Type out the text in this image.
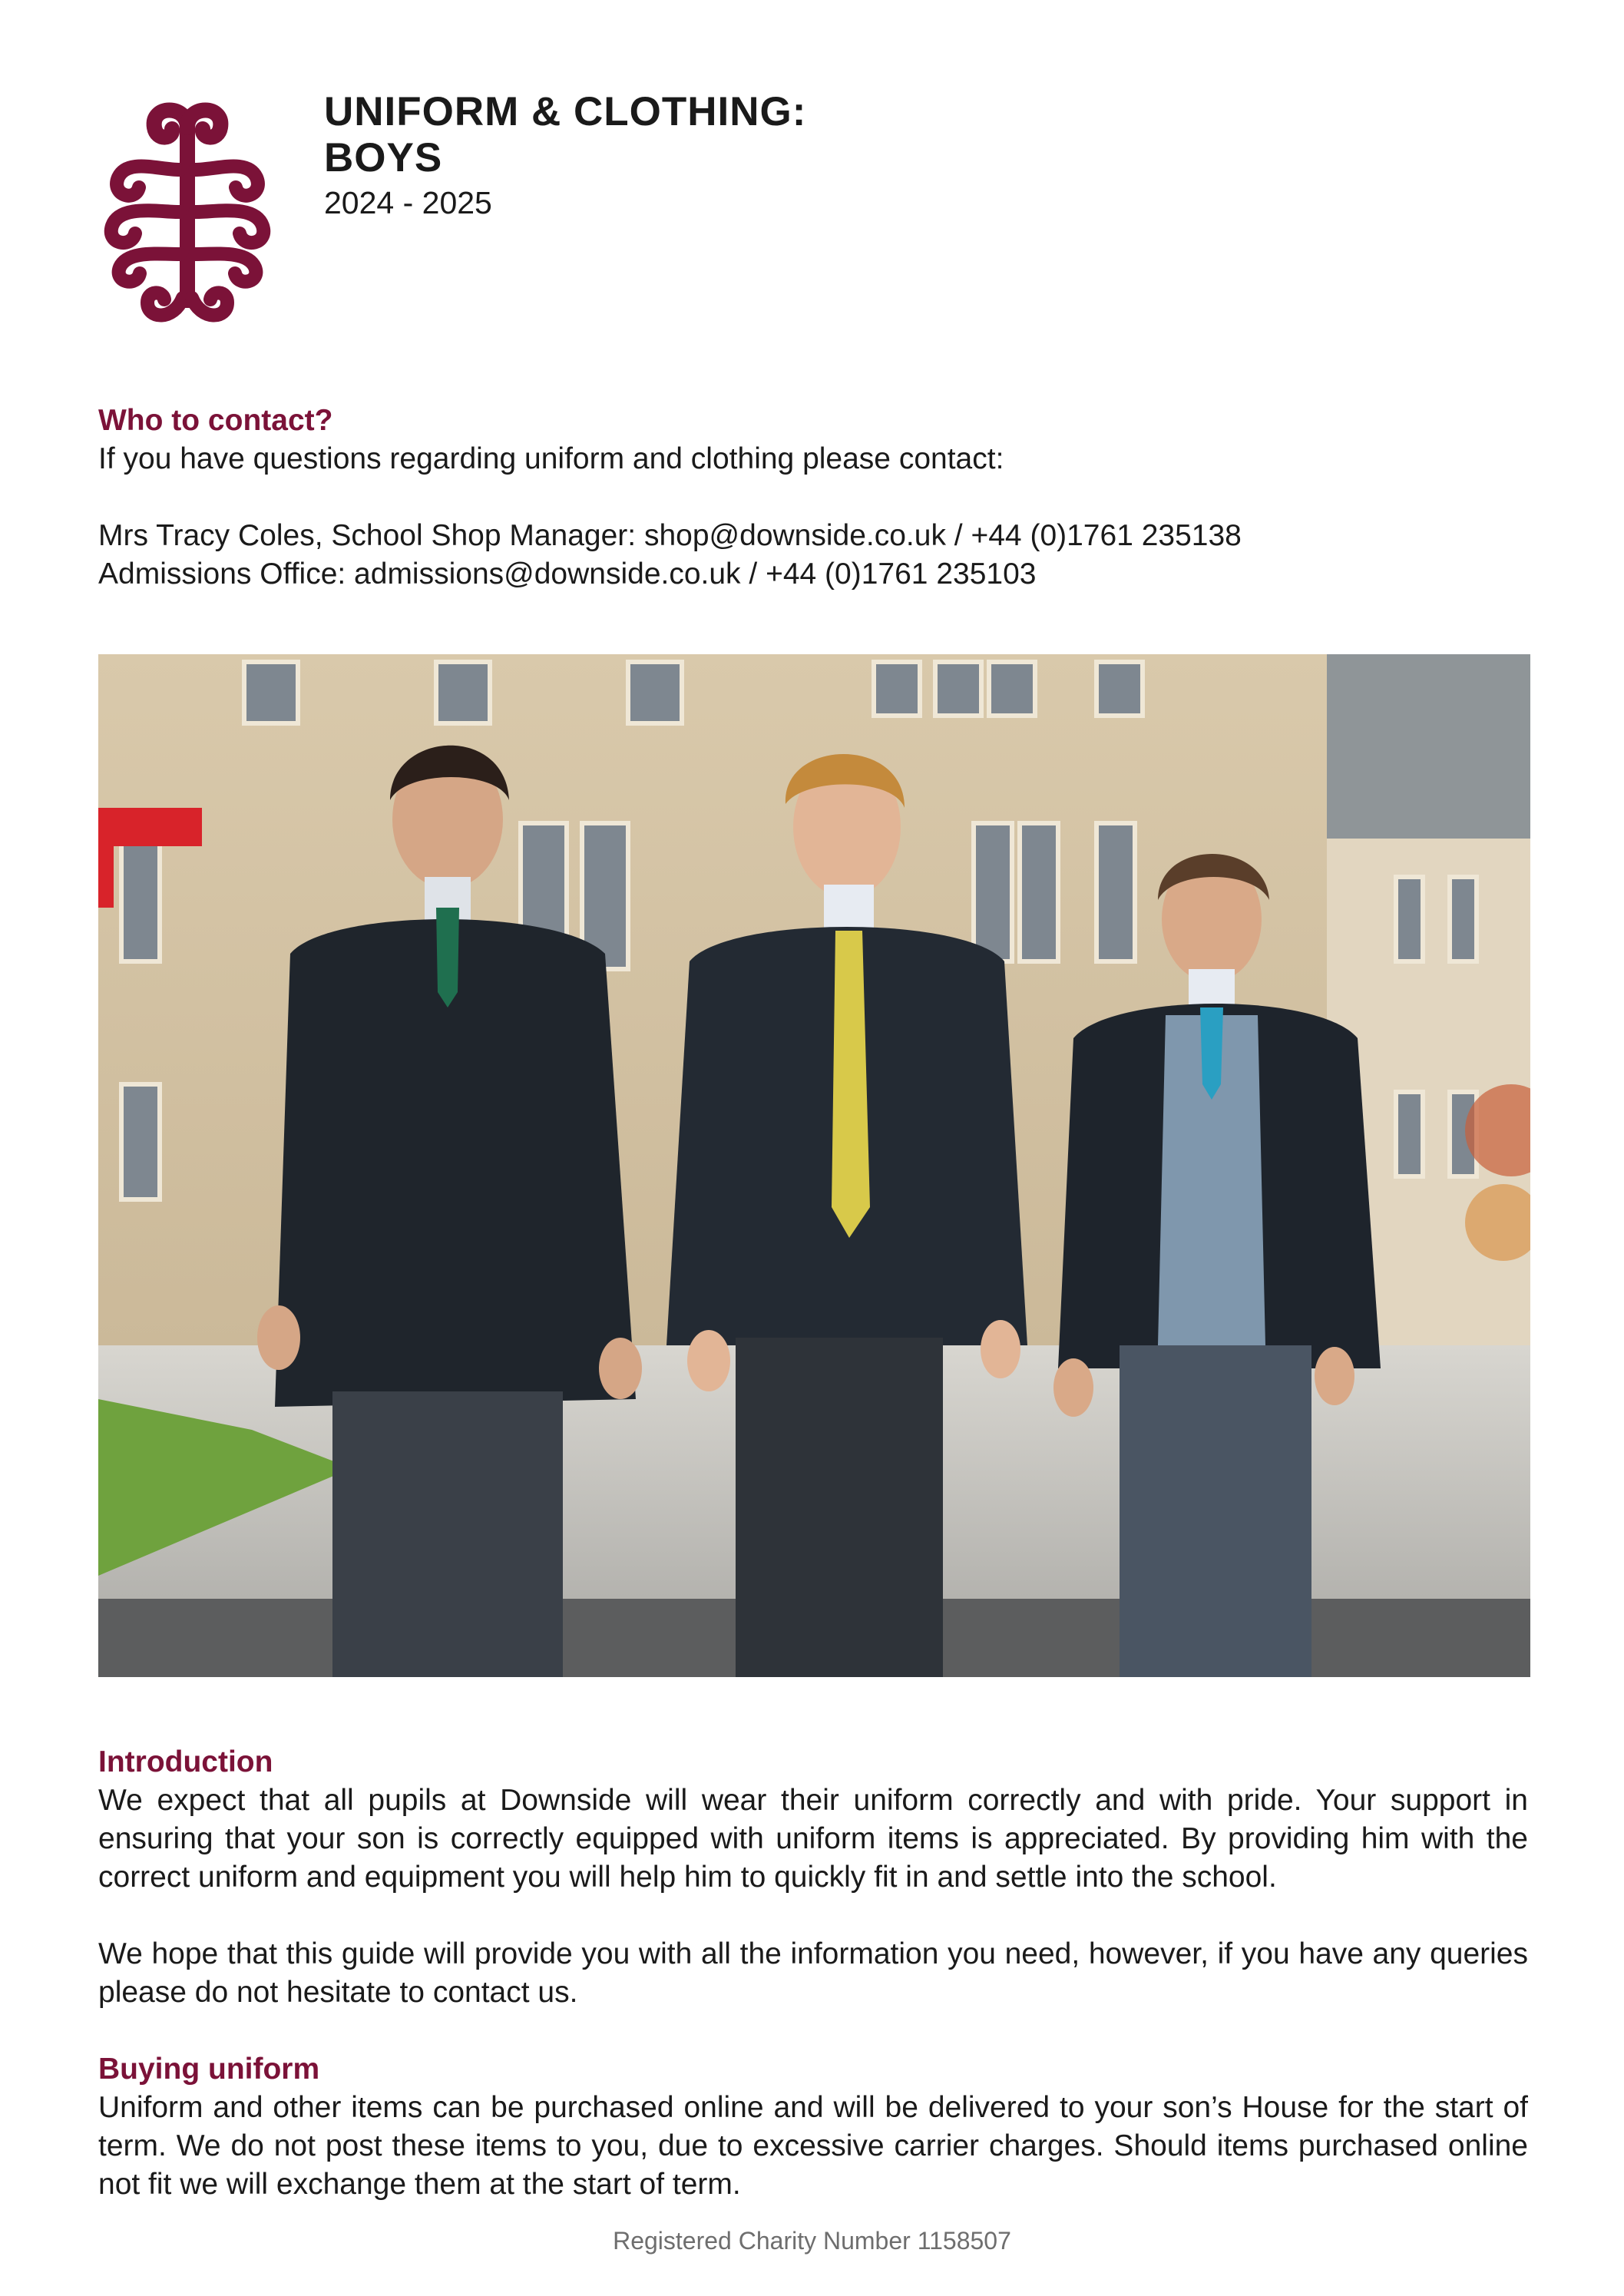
UNIFORM & CLOTHING:
BOYS
2024 - 2025
Who to contact?
If you have questions regarding uniform and clothing please contact:
Mrs Tracy Coles, School Shop Manager: shop@downside.co.uk / +44 (0)1761 235138
Admissions Office: admissions@downside.co.uk / +44 (0)1761 235103
Introduction
We expect that all pupils at Downside will wear their uniform correctly and with pride. Your support in ensuring that your son is correctly equipped with uniform items is appreciated. By providing him with the correct uniform and equipment you will help him to quickly fit in and settle into the school.
We hope that this guide will provide you with all the information you need, however, if you have any queries please do not hesitate to contact us.
Buying uniform
Uniform and other items can be purchased online and will be delivered to your son’s House for the start of term. We do not post these items to you, due to excessive carrier charges. Should items purchased online not fit we will exchange them at the start of term.
Registered Charity Number 1158507
